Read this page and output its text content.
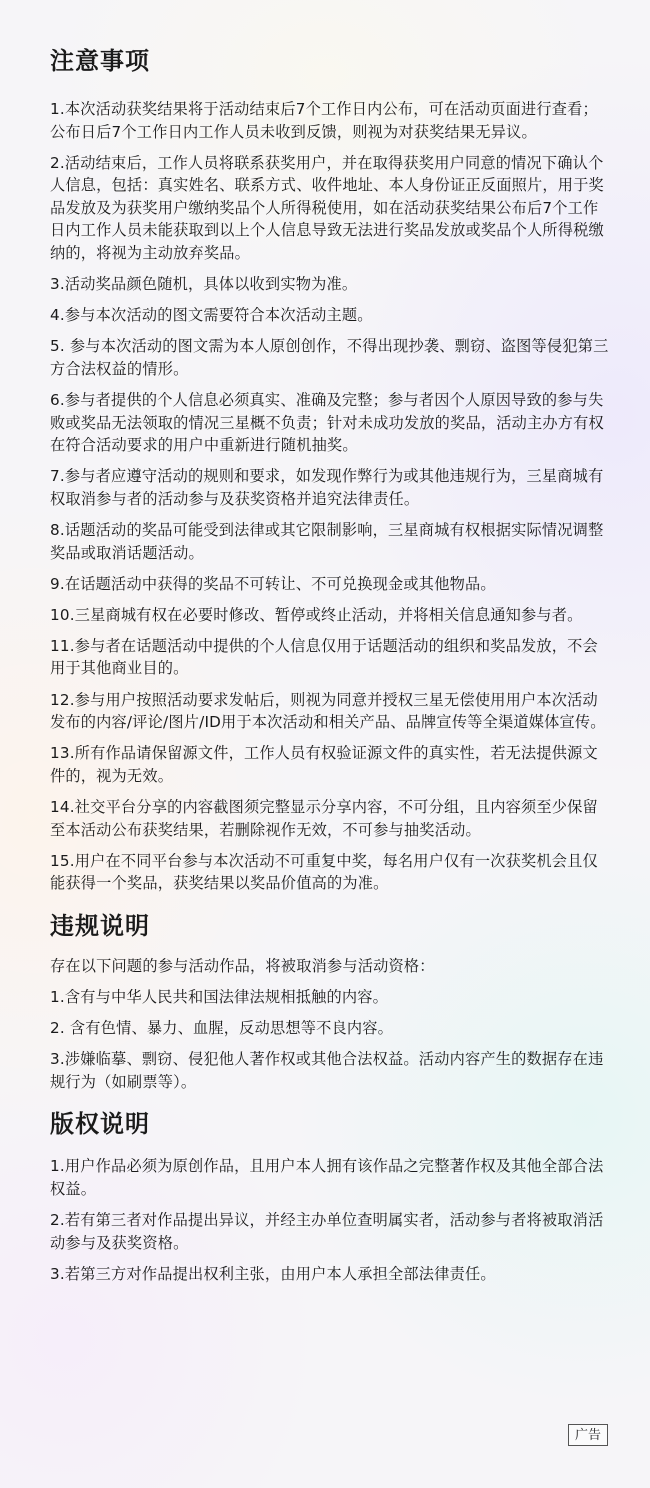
注意事项

1.本次活动获奖结果将于活动结束后7个工作日内公布，可在活动页面进行查看；公布日后7个工作日内工作人员未收到反馈，则视为对获奖结果无异议。

2.活动结束后，工作人员将联系获奖用户，并在取得获奖用户同意的情况下确认个人信息，包括：真实姓名、联系方式、收件地址、本人身份证正反面照片，用于奖品发放及为获奖用户缴纳奖品个人所得税使用，如在活动获奖结果公布后7个工作日内工作人员未能获取到以上个人信息导致无法进行奖品发放或奖品个人所得税缴纳的，将视为主动放弃奖品。

3.活动奖品颜色随机，具体以收到实物为准。

4.参与本次活动的图文需要符合本次活动主题。

5. 参与本次活动的图文需为本人原创创作，不得出现抄袭、剽窃、盗图等侵犯第三方合法权益的情形。

6.参与者提供的个人信息必须真实、准确及完整；参与者因个人原因导致的参与失败或奖品无法领取的情况三星概不负责；针对未成功发放的奖品，活动主办方有权在符合活动要求的用户中重新进行随机抽奖。

7.参与者应遵守活动的规则和要求，如发现作弊行为或其他违规行为，三星商城有权取消参与者的活动参与及获奖资格并追究法律责任。

8.话题活动的奖品可能受到法律或其它限制影响，三星商城有权根据实际情况调整奖品或取消话题活动。

9.在话题活动中获得的奖品不可转让、不可兑换现金或其他物品。

10.三星商城有权在必要时修改、暂停或终止活动，并将相关信息通知参与者。

11.参与者在话题活动中提供的个人信息仅用于话题活动的组织和奖品发放，不会用于其他商业目的。

12.参与用户按照活动要求发帖后，则视为同意并授权三星无偿使用用户本次活动发布的内容/评论/图片/ID用于本次活动和相关产品、品牌宣传等全渠道媒体宣传。

13.所有作品请保留源文件，工作人员有权验证源文件的真实性，若无法提供源文件的，视为无效。

14.社交平台分享的内容截图须完整显示分享内容，不可分组，且内容须至少保留至本活动公布获奖结果，若删除视作无效，不可参与抽奖活动。

15.用户在不同平台参与本次活动不可重复中奖，每名用户仅有一次获奖机会且仅能获得一个奖品，获奖结果以奖品价值高的为准。

违规说明

存在以下问题的参与活动作品，将被取消参与活动资格：

1.含有与中华人民共和国法律法规相抵触的内容。

2. 含有色情、暴力、血腥，反动思想等不良内容。

3.涉嫌临摹、剽窃、侵犯他人著作权或其他合法权益。活动内容产生的数据存在违规行为（如刷票等）。

版权说明

1.用户作品必须为原创作品，且用户本人拥有该作品之完整著作权及其他全部合法权益。

2.若有第三者对作品提出异议，并经主办单位查明属实者，活动参与者将被取消活动参与及获奖资格。

3.若第三方对作品提出权利主张，由用户本人承担全部法律责任。

广告
